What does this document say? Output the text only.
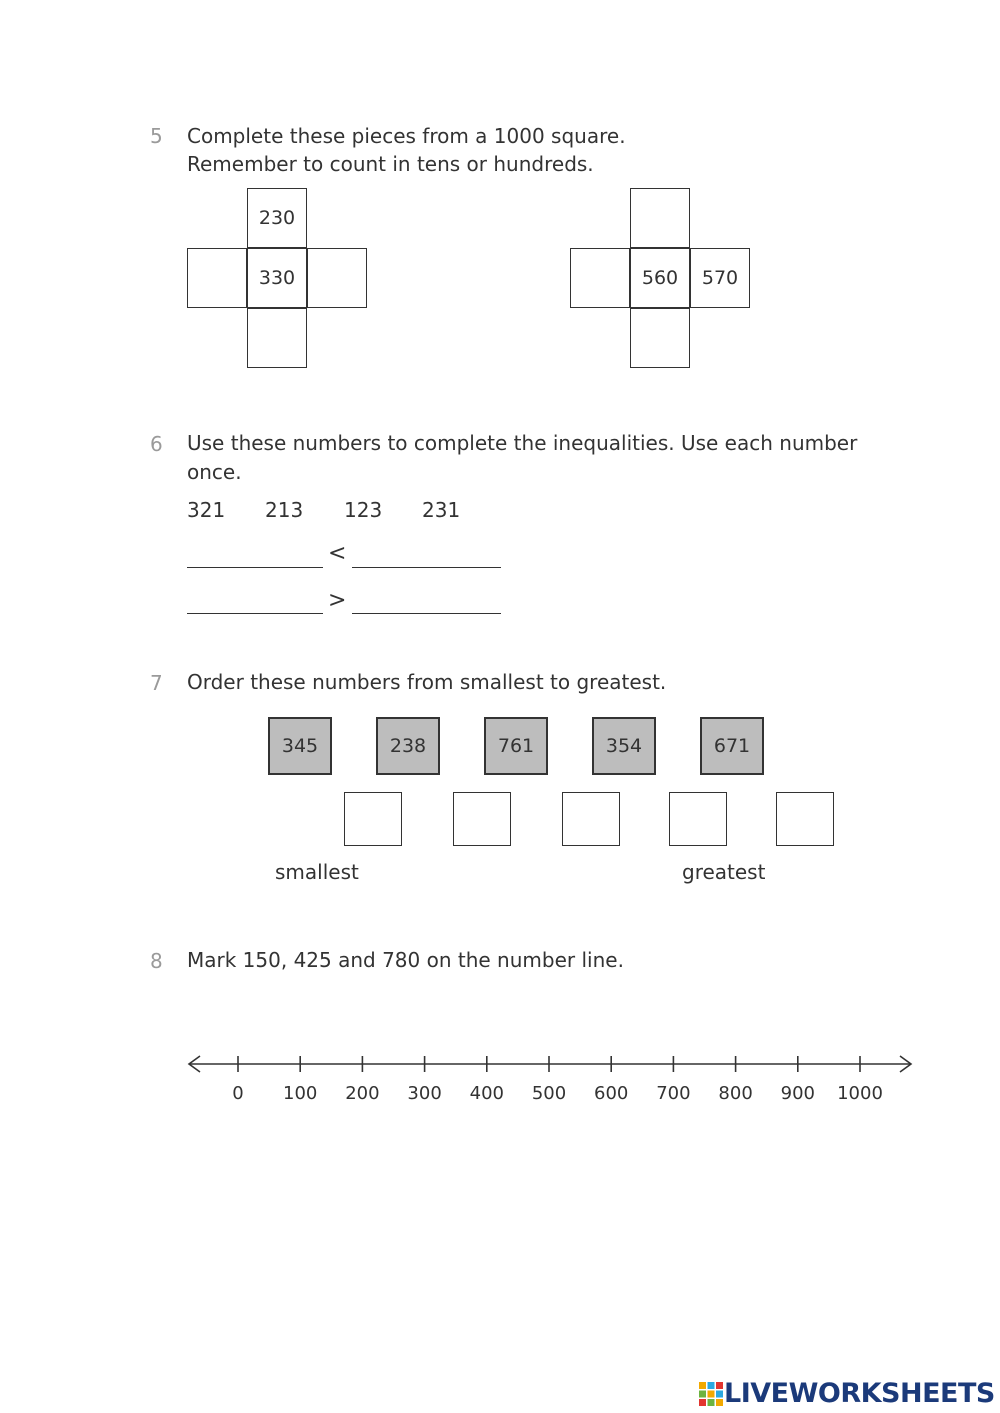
5 Complete these pieces from a 1000 square.
Remember to count in tens or hundreds.
230
330	560	570
6 Use these numbers to complete the inequalities. Use each number
once.
321 213 123 231
<
>
7 Order these numbers from smallest to greatest.
345	238	761	354	671
smallest	greatest
8 Mark 150, 425 and 780 on the number line.
0 100 200 300 400 500 600 700 800 900 1000
LIVEWORKSHEETS
